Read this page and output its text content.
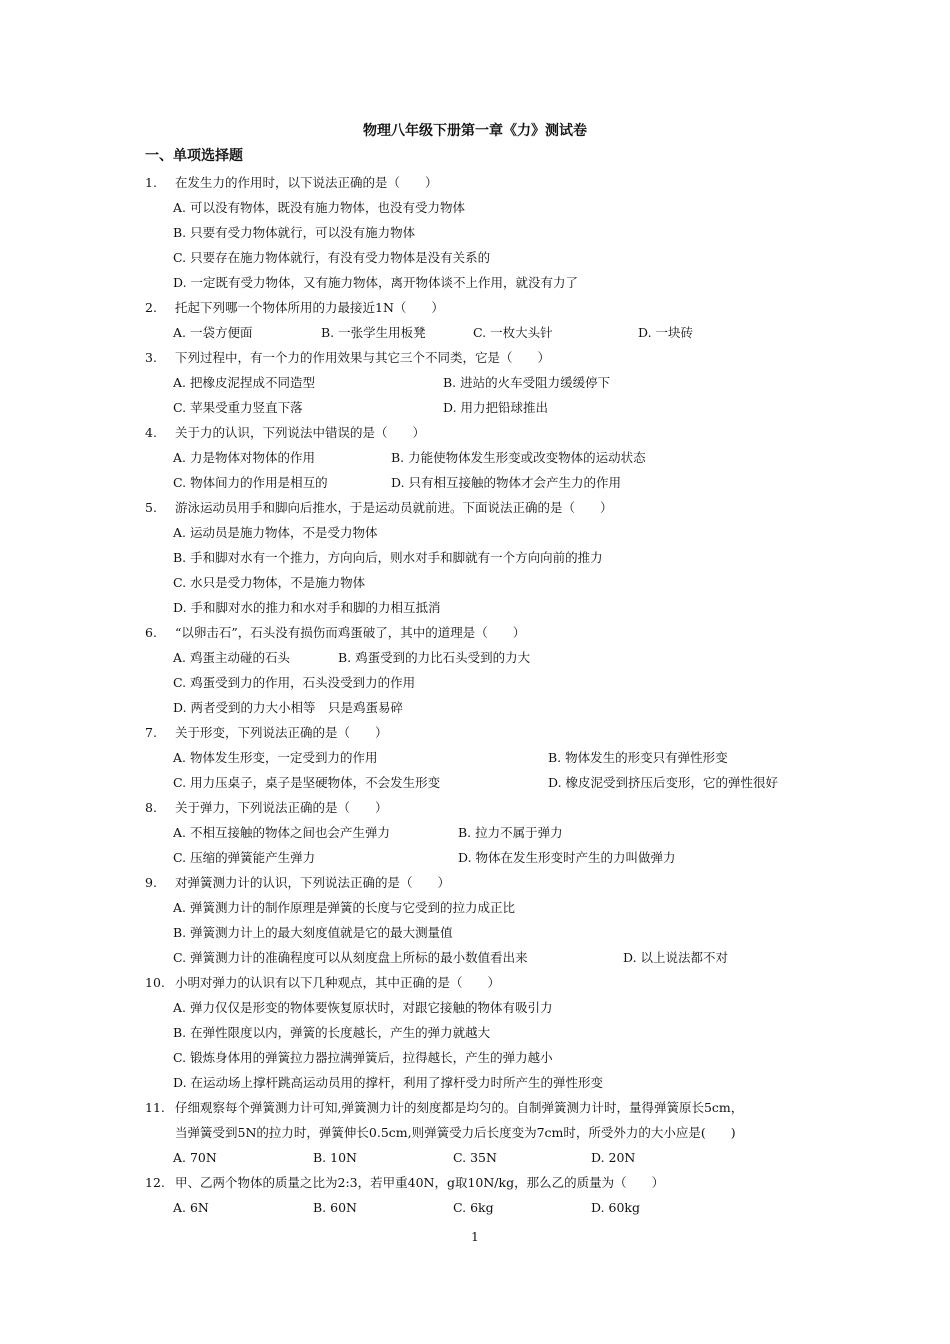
物理八年级下册第一章《力》测试卷
一、单项选择题
1. 在发生力的作用时，以下说法正确的是（　　）
A. 可以没有物体，既没有施力物体，也没有受力物体
B. 只要有受力物体就行，可以没有施力物体
C. 只要存在施力物体就行，有没有受力物体是没有关系的
D. 一定既有受力物体，又有施力物体，离开物体谈不上作用，就没有力了
2. 托起下列哪一个物体所用的力最接近1N（　　）
A. 一袋方便面	B. 一张学生用板凳	C. 一枚大头针	D. 一块砖
3. 下列过程中，有一个力的作用效果与其它三个不同类，它是（　　）
A. 把橡皮泥捏成不同造型	B. 进站的火车受阻力缓缓停下
C. 苹果受重力竖直下落	D. 用力把铅球推出
4. 关于力的认识，下列说法中错误的是（　　）
A. 力是物体对物体的作用	B. 力能使物体发生形变或改变物体的运动状态
C. 物体间力的作用是相互的	D. 只有相互接触的物体才会产生力的作用
5. 游泳运动员用手和脚向后推水，于是运动员就前进。下面说法正确的是（　　）
A. 运动员是施力物体，不是受力物体
B. 手和脚对水有一个推力，方向向后，则水对手和脚就有一个方向向前的推力
C. 水只是受力物体，不是施力物体
D. 手和脚对水的推力和水对手和脚的力相互抵消
6. “以卵击石”，石头没有损伤而鸡蛋破了，其中的道理是（　　）
A. 鸡蛋主动碰的石头	B. 鸡蛋受到的力比石头受到的力大
C. 鸡蛋受到力的作用，石头没受到力的作用
D. 两者受到的力大小相等　只是鸡蛋易碎
7. 关于形变，下列说法正确的是（　　）
A. 物体发生形变，一定受到力的作用	B. 物体发生的形变只有弹性形变
C. 用力压桌子，桌子是坚硬物体，不会发生形变	D. 橡皮泥受到挤压后变形，它的弹性很好
8. 关于弹力，下列说法正确的是（　　）
A. 不相互接触的物体之间也会产生弹力	B. 拉力不属于弹力
C. 压缩的弹簧能产生弹力	D. 物体在发生形变时产生的力叫做弹力
9. 对弹簧测力计的认识，下列说法正确的是（　　）
A. 弹簧测力计的制作原理是弹簧的长度与它受到的拉力成正比
B. 弹簧测力计上的最大刻度值就是它的最大测量值
C. 弹簧测力计的准确程度可以从刻度盘上所标的最小数值看出来	D. 以上说法都不对
10. 小明对弹力的认识有以下几种观点，其中正确的是（　　）
A. 弹力仅仅是形变的物体要恢复原状时，对跟它接触的物体有吸引力
B. 在弹性限度以内，弹簧的长度越长，产生的弹力就越大
C. 锻炼身体用的弹簧拉力器拉满弹簧后，拉得越长，产生的弹力越小
D. 在运动场上撑杆跳高运动员用的撑杆，利用了撑杆受力时所产生的弹性形变
11. 仔细观察每个弹簧测力计可知,弹簧测力计的刻度都是均匀的。自制弹簧测力计时，量得弹簧原长5cm，
当弹簧受到5N的拉力时，弹簧伸长0.5cm,则弹簧受力后长度变为7cm时，所受外力的大小应是(　　)
A. 70N	B. 10N	C. 35N	D. 20N
12. 甲、乙两个物体的质量之比为2:3，若甲重40N，g取10N/kg，那么乙的质量为（　　）
A. 6N	B. 60N	C. 6kg	D. 60kg
1
